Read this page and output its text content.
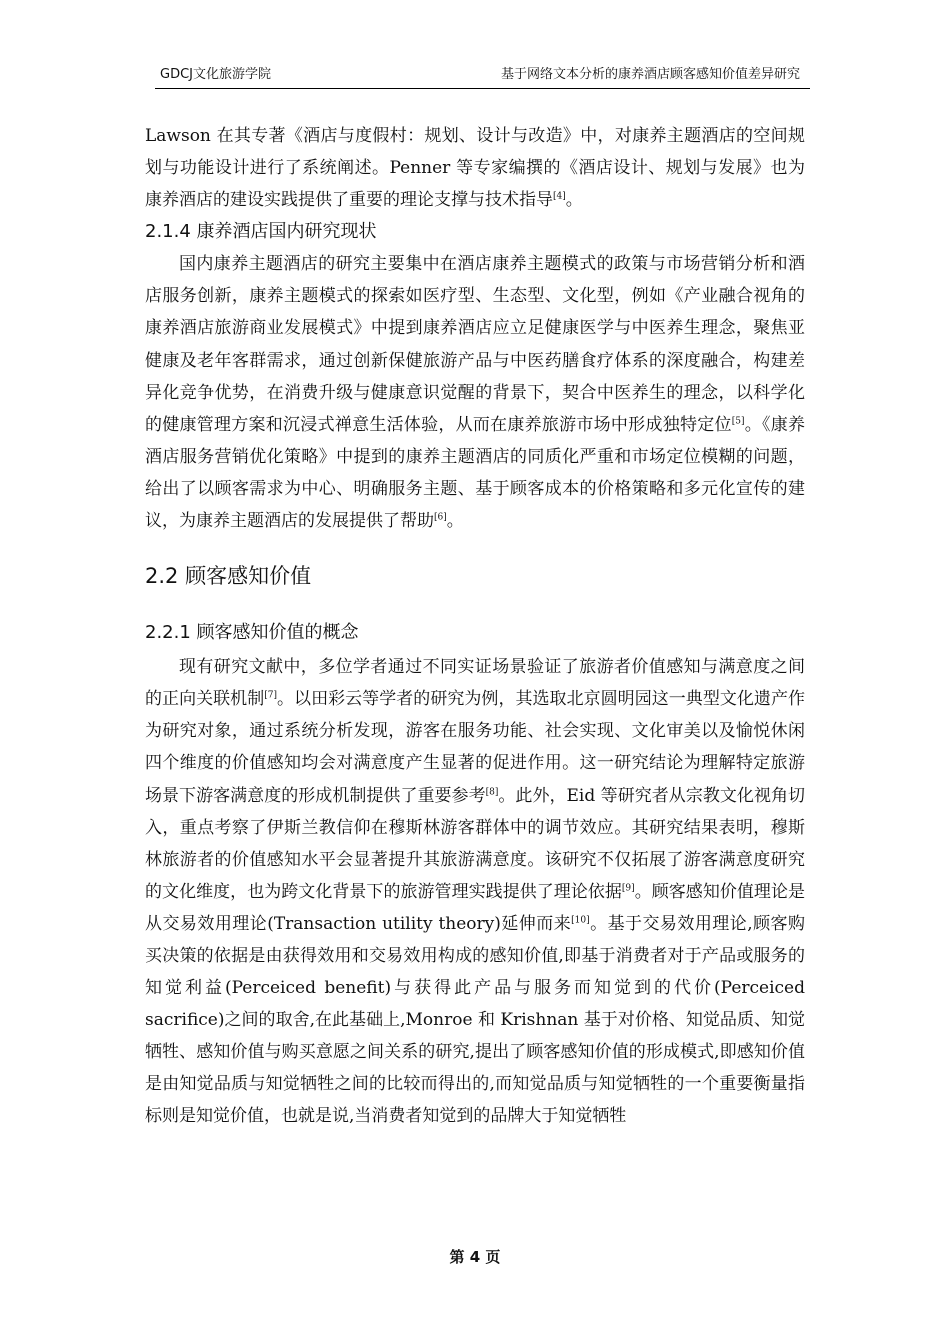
GDCJ文化旅游学院	基于网络文本分析的康养酒店顾客感知价值差异研究

Lawson 在其专著《酒店与度假村：规划、设计与改造》中，对康养主题酒店的空间规划与功能设计进行了系统阐述。Penner 等专家编撰的《酒店设计、规划与发展》也为康养酒店的建设实践提供了重要的理论支撑与技术指导[4]。

2.1.4 康养酒店国内研究现状

国内康养主题酒店的研究主要集中在酒店康养主题模式的政策与市场营销分析和酒店服务创新，康养主题模式的探索如医疗型、生态型、文化型，例如《产业融合视角的康养酒店旅游商业发展模式》中提到康养酒店应立足健康医学与中医养生理念，聚焦亚健康及老年客群需求，通过创新保健旅游产品与中医药膳食疗体系的深度融合，构建差异化竞争优势，在消费升级与健康意识觉醒的背景下，契合中医养生的理念，以科学化的健康管理方案和沉浸式禅意生活体验，从而在康养旅游市场中形成独特定位[5]。《康养酒店服务营销优化策略》中提到的康养主题酒店的同质化严重和市场定位模糊的问题，给出了以顾客需求为中心、明确服务主题、基于顾客成本的价格策略和多元化宣传的建议，为康养主题酒店的发展提供了帮助[6]。

2.2 顾客感知价值
2.2.1 顾客感知价值的概念

现有研究文献中，多位学者通过不同实证场景验证了旅游者价值感知与满意度之间的正向关联机制[7]。以田彩云等学者的研究为例，其选取北京圆明园这一典型文化遗产作为研究对象，通过系统分析发现，游客在服务功能、社会实现、文化审美以及愉悦休闲四个维度的价值感知均会对满意度产生显著的促进作用。这一研究结论为理解特定旅游场景下游客满意度的形成机制提供了重要参考[8]。此外，Eid 等研究者从宗教文化视角切入，重点考察了伊斯兰教信仰在穆斯林游客群体中的调节效应。其研究结果表明，穆斯林旅游者的价值感知水平会显著提升其旅游满意度。该研究不仅拓展了游客满意度研究的文化维度，也为跨文化背景下的旅游管理实践提供了理论依据[9]。顾客感知价值理论是从交易效用理论(Transaction utility theory)延伸而来[10]。基于交易效用理论,顾客购买决策的依据是由获得效用和交易效用构成的感知价值,即基于消费者对于产品或服务的知觉利益(Perceiced benefit)与获得此产品与服务而知觉到的代价(Perceiced sacrifice)之间的取舍,在此基础上,Monroe 和 Krishnan 基于对价格、知觉品质、知觉牺牲、感知价值与购买意愿之间关系的研究,提出了顾客感知价值的形成模式,即感知价值是由知觉品质与知觉牺牲之间的比较而得出的,而知觉品质与知觉牺牲的一个重要衡量指标则是知觉价值，也就是说,当消费者知觉到的品牌大于知觉牺牲

第 4 页
